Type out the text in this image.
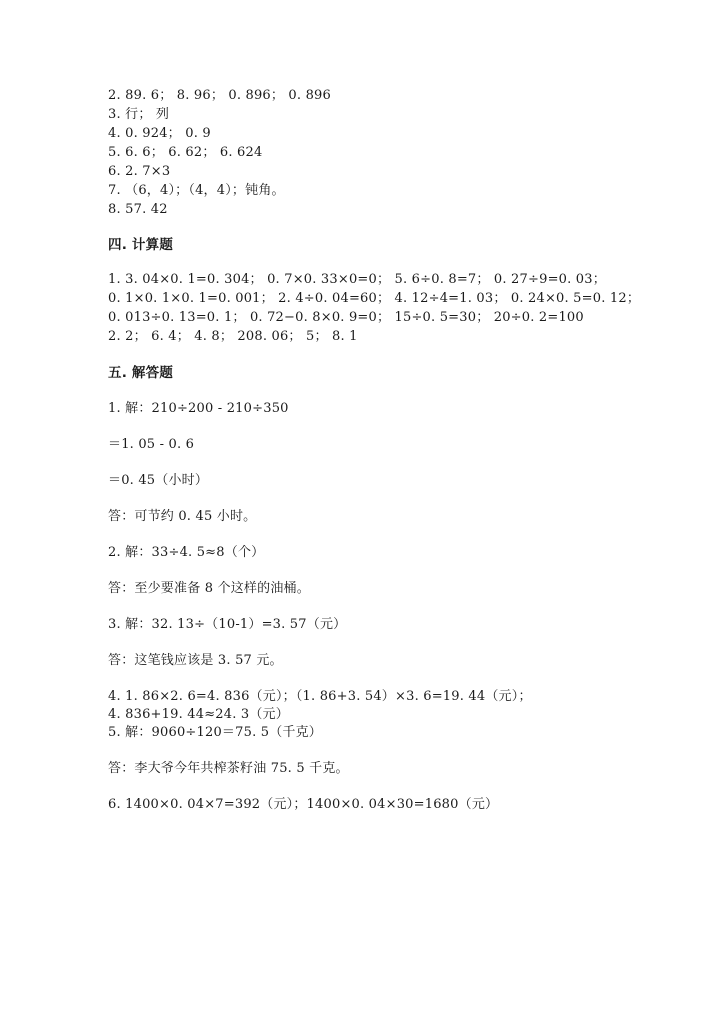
2. 89. 6； 8. 96； 0. 896； 0. 896
3. 行； 列
4. 0. 924； 0. 9
5. 6. 6； 6. 62； 6. 624
6. 2. 7×3
7. （6，4）；（4，4）；钝角。
8. 57. 42
四. 计算题
1. 3. 04×0. 1=0. 304； 0. 7×0. 33×0=0； 5. 6÷0. 8=7； 0. 27÷9=0. 03；
0. 1×0. 1×0. 1=0. 001； 2. 4÷0. 04=60； 4. 12÷4=1. 03； 0. 24×0. 5=0. 12；
0. 013÷0. 13=0. 1； 0. 72−0. 8×0. 9=0； 15÷0. 5=30； 20÷0. 2=100
2. 2； 6. 4； 4. 8； 208. 06； 5； 8. 1
五. 解答题
1. 解：210÷200 - 210÷350
＝1. 05 - 0. 6
＝0. 45（小时）
答：可节约 0. 45 小时。
2. 解：33÷4. 5≈8（个）
答：至少要准备 8 个这样的油桶。
3. 解：32. 13÷（10-1）=3. 57（元）
答：这笔钱应该是 3. 57 元。
4. 1. 86×2. 6=4. 836（元）；（1. 86+3. 54）×3. 6=19. 44（元）；
4. 836+19. 44≈24. 3（元）
5. 解：9060÷120＝75. 5（千克）
答：李大爷今年共榨茶籽油 75. 5 千克。
6. 1400×0. 04×7=392（元）；1400×0. 04×30=1680（元）
